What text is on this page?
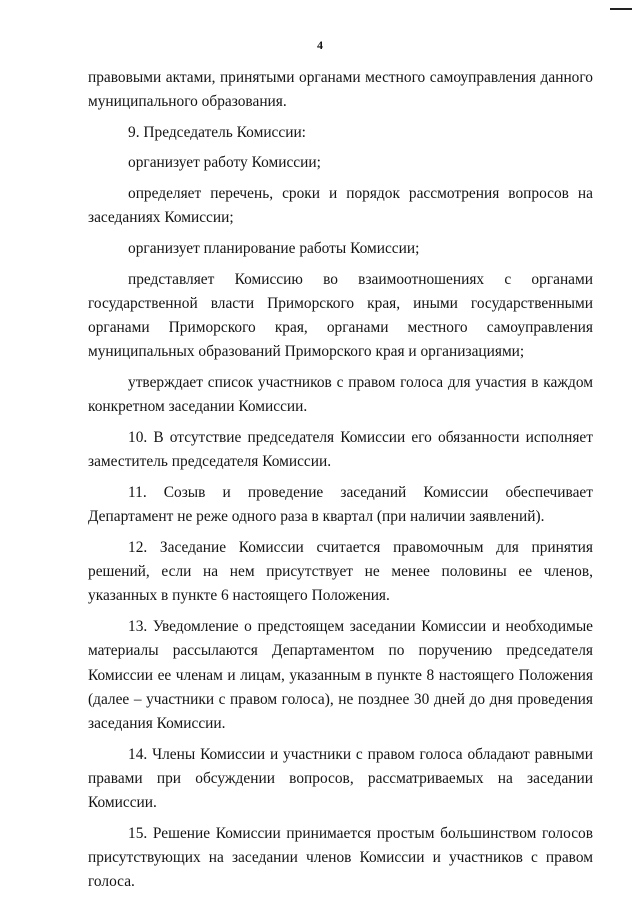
4

правовыми актами, принятыми органами местного самоуправления данного муниципального образования.

9. Председатель Комиссии:

организует работу Комиссии;

определяет перечень, сроки и порядок рассмотрения вопросов на заседаниях Комиссии;

организует планирование работы Комиссии;

представляет Комиссию во взаимоотношениях с органами государственной власти Приморского края, иными государственными органами Приморского края, органами местного самоуправления муниципальных образований Приморского края и организациями;

утверждает список участников с правом голоса для участия в каждом конкретном заседании Комиссии.

10. В отсутствие председателя Комиссии его обязанности исполняет заместитель председателя Комиссии.

11. Созыв и проведение заседаний Комиссии обеспечивает Департамент не реже одного раза в квартал (при наличии заявлений).

12. Заседание Комиссии считается правомочным для принятия решений, если на нем присутствует не менее половины ее членов, указанных в пункте 6 настоящего Положения.

13. Уведомление о предстоящем заседании Комиссии и необходимые материалы рассылаются Департаментом по поручению председателя Комиссии ее членам и лицам, указанным в пункте 8 настоящего Положения (далее – участники с правом голоса), не позднее 30 дней до дня проведения заседания Комиссии.

14. Члены Комиссии и участники с правом голоса обладают равными правами при обсуждении вопросов, рассматриваемых на заседании Комиссии.

15. Решение Комиссии принимается простым большинством голосов присутствующих на заседании членов Комиссии и участников с правом голоса.
